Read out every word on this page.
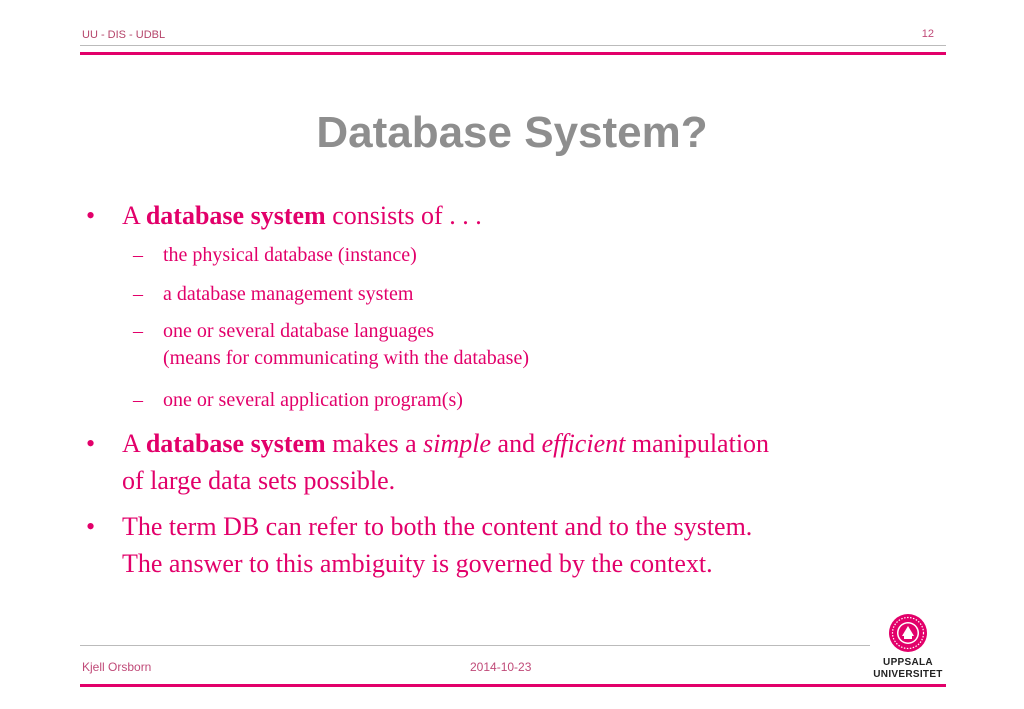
UU - DIS - UDBL	12
Database System?
• A database system consists of . . .
– the physical database (instance)
– a database management system
– one or several database languages
(means for communicating with the database)
– one or several application program(s)
• A database system makes a simple and efficient manipulation
of large data sets possible.
• The term DB can refer to both the content and to the system.
The answer to this ambiguity is governed by the context.
Kjell Orsborn	2014-10-23	UPPSALA
UNIVERSITET
